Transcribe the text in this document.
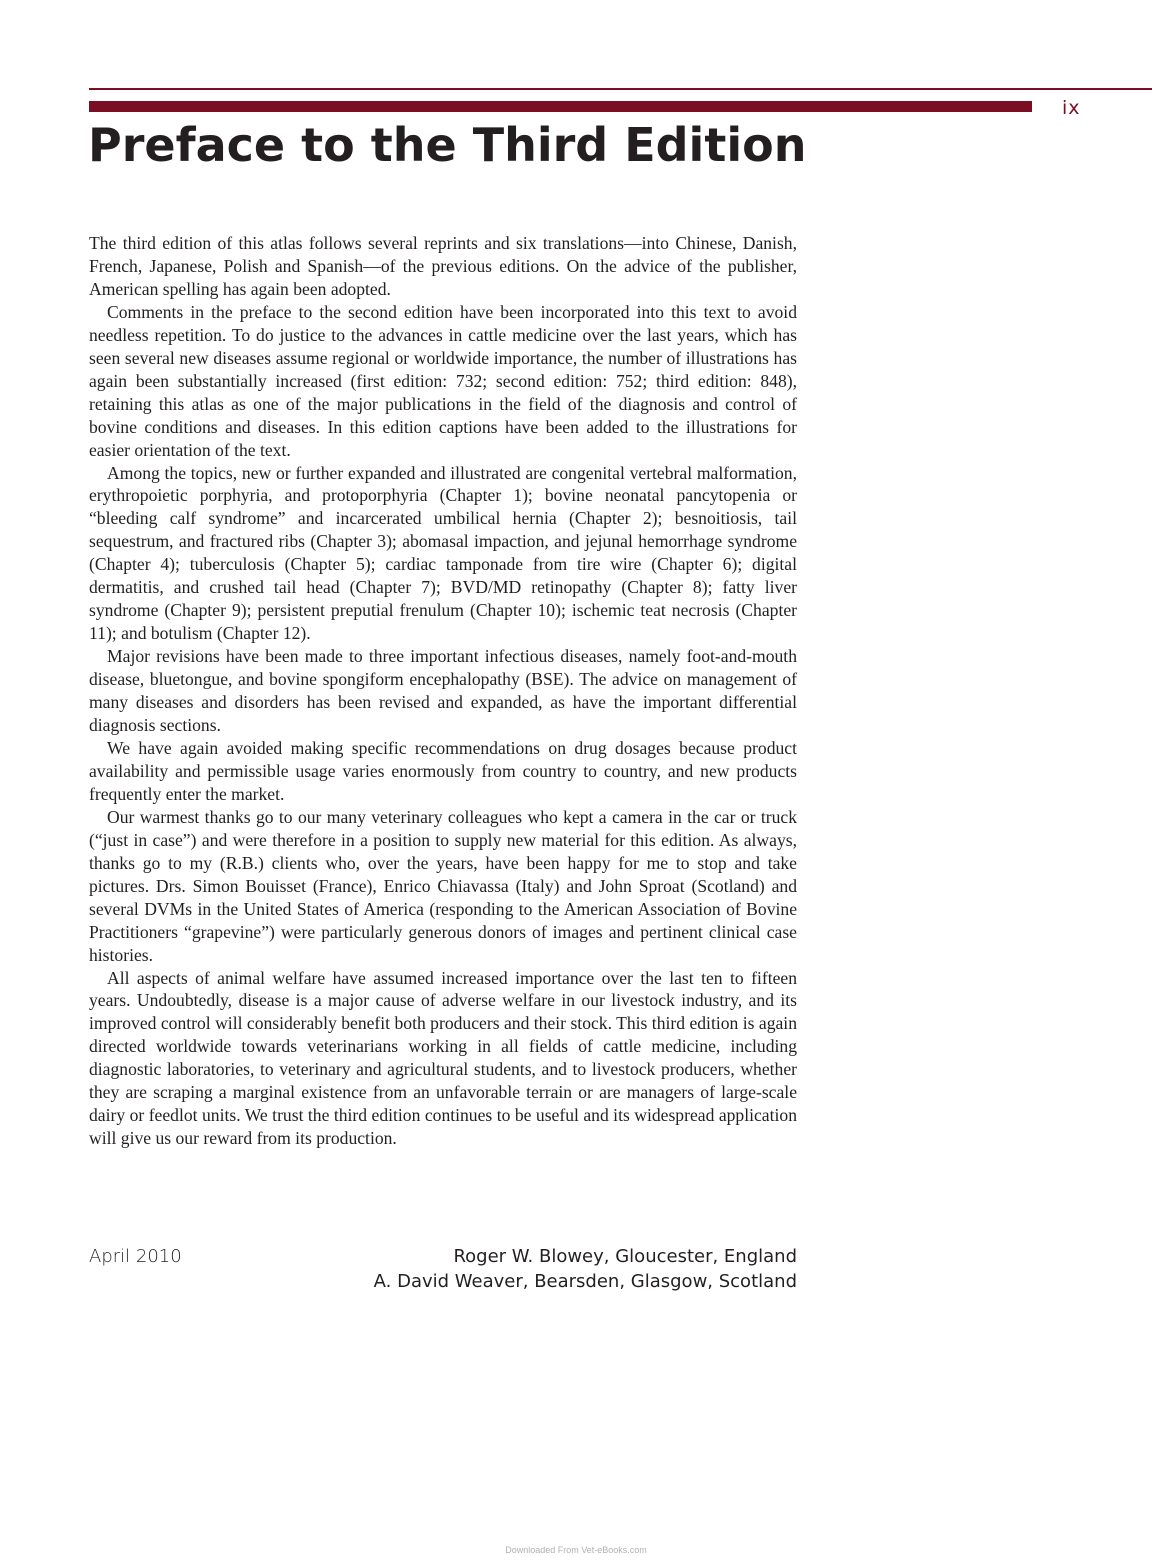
ix
Preface to the Third Edition

The third edition of this atlas follows several reprints and six translations—into Chinese, Danish, French, Japanese, Polish and Spanish—of the previous editions. On the advice of the publisher, American spelling has again been adopted.

Comments in the preface to the second edition have been incorporated into this text to avoid needless repetition. To do justice to the advances in cattle medicine over the last years, which has seen several new diseases assume regional or worldwide importance, the number of illustrations has again been substantially increased (first edition: 732; second edition: 752; third edition: 848), retaining this atlas as one of the major publications in the field of the diagnosis and control of bovine conditions and diseases. In this edition captions have been added to the illustrations for easier orientation of the text.

Among the topics, new or further expanded and illustrated are congenital vertebral malformation, erythropoietic porphyria, and protoporphyria (Chapter 1); bovine neonatal pancytopenia or “bleeding calf syndrome” and incarcerated umbilical hernia (Chapter 2); besnoitiosis, tail sequestrum, and fractured ribs (Chapter 3); abomasal impaction, and jejunal hemorrhage syndrome (Chapter 4); tuberculosis (Chapter 5); cardiac tamponade from tire wire (Chapter 6); digital dermatitis, and crushed tail head (Chapter 7); BVD/MD retinopathy (Chapter 8); fatty liver syndrome (Chapter 9); persistent preputial frenulum (Chapter 10); ischemic teat necrosis (Chapter 11); and botulism (Chapter 12).

Major revisions have been made to three important infectious diseases, namely foot-and-mouth disease, bluetongue, and bovine spongiform encephalopathy (BSE). The advice on management of many diseases and disorders has been revised and expanded, as have the important differential diagnosis sections.

We have again avoided making specific recommendations on drug dosages because product availability and permissible usage varies enormously from country to country, and new products frequently enter the market.

Our warmest thanks go to our many veterinary colleagues who kept a camera in the car or truck (“just in case”) and were therefore in a position to supply new material for this edition. As always, thanks go to my (R.B.) clients who, over the years, have been happy for me to stop and take pictures. Drs. Simon Bouisset (France), Enrico Chiavassa (Italy) and John Sproat (Scotland) and several DVMs in the United States of America (responding to the American Association of Bovine Practitioners “grapevine”) were particularly generous donors of images and pertinent clinical case histories.

All aspects of animal welfare have assumed increased importance over the last ten to fifteen years. Undoubtedly, disease is a major cause of adverse welfare in our livestock industry, and its improved control will considerably benefit both producers and their stock. This third edition is again directed worldwide towards veterinarians working in all fields of cattle medicine, including diagnostic laboratories, to veterinary and agricultural students, and to livestock producers, whether they are scraping a marginal existence from an unfavorable terrain or are managers of large-scale dairy or feedlot units. We trust the third edition continues to be useful and its widespread application will give us our reward from its production.

April 2010	Roger W. Blowey, Gloucester, England
A. David Weaver, Bearsden, Glasgow, Scotland
Downloaded From Vet-eBooks.com
